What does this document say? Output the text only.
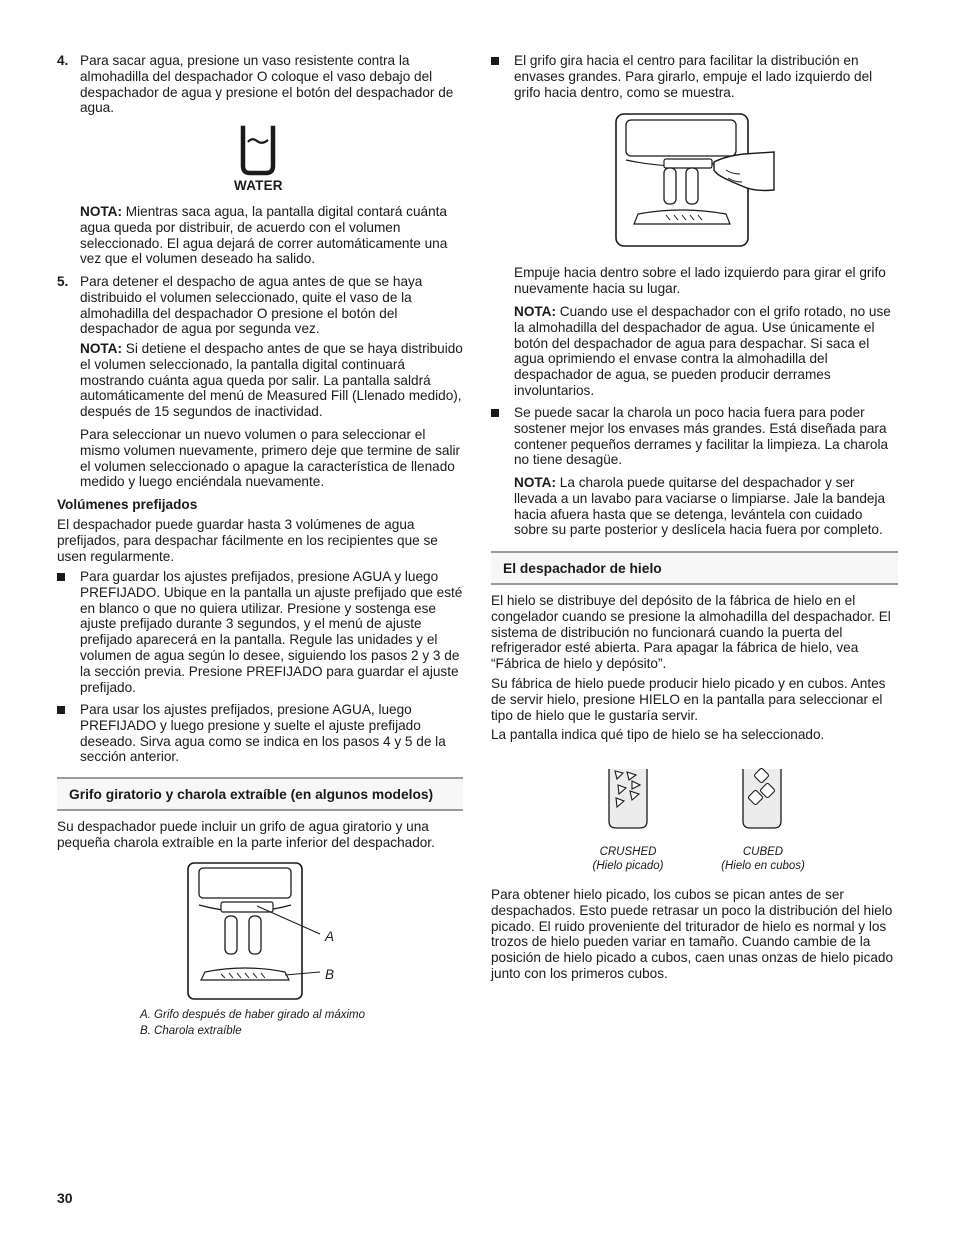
4. Para sacar agua, presione un vaso resistente contra la almohadilla del despachador O coloque el vaso debajo del despachador de agua y presione el botón del despachador de agua.

WATER

NOTA: Mientras saca agua, la pantalla digital contará cuánta agua queda por distribuir, de acuerdo con el volumen seleccionado. El agua dejará de correr automáticamente una vez que el volumen deseado ha salido.

5. Para detener el despacho de agua antes de que se haya distribuido el volumen seleccionado, quite el vaso de la almohadilla del despachador O presione el botón del despachador de agua por segunda vez.

NOTA: Si detiene el despacho antes de que se haya distribuido el volumen seleccionado, la pantalla digital continuará mostrando cuánta agua queda por salir. La pantalla saldrá automáticamente del menú de Measured Fill (Llenado medido), después de 15 segundos de inactividad.

Para seleccionar un nuevo volumen o para seleccionar el mismo volumen nuevamente, primero deje que termine de salir el volumen seleccionado o apague la característica de llenado medido y luego enciéndala nuevamente.

Volúmenes prefijados

El despachador puede guardar hasta 3 volúmenes de agua prefijados, para despachar fácilmente en los recipientes que se usen regularmente.

Para guardar los ajustes prefijados, presione AGUA y luego PREFIJADO. Ubique en la pantalla un ajuste prefijado que esté en blanco o que no quiera utilizar. Presione y sostenga ese ajuste prefijado durante 3 segundos, y el menú de ajuste prefijado aparecerá en la pantalla. Regule las unidades y el volumen de agua según lo desee, siguiendo los pasos 2 y 3 de la sección previa. Presione PREFIJADO para guardar el ajuste prefijado.

Para usar los ajustes prefijados, presione AGUA, luego PREFIJADO y luego presione y suelte el ajuste prefijado deseado. Sirva agua como se indica en los pasos 4 y 5 de la sección anterior.

Grifo giratorio y charola extraíble (en algunos modelos)

Su despachador puede incluir un grifo de agua giratorio y una pequeña charola extraíble en la parte inferior del despachador.

A
B
A. Grifo después de haber girado al máximo
B. Charola extraíble

El grifo gira hacia el centro para facilitar la distribución en envases grandes. Para girarlo, empuje el lado izquierdo del grifo hacia dentro, como se muestra.

Empuje hacia dentro sobre el lado izquierdo para girar el grifo nuevamente hacia su lugar.

NOTA: Cuando use el despachador con el grifo rotado, no use la almohadilla del despachador de agua. Use únicamente el botón del despachador de agua para despachar. Si saca el agua oprimiendo el envase contra la almohadilla del despachador de agua, se pueden producir derrames involuntarios.

Se puede sacar la charola un poco hacia fuera para poder sostener mejor los envases más grandes. Está diseñada para contener pequeños derrames y facilitar la limpieza. La charola no tiene desagüe.

NOTA: La charola puede quitarse del despachador y ser llevada a un lavabo para vaciarse o limpiarse. Jale la bandeja hacia afuera hasta que se detenga, levántela con cuidado sobre su parte posterior y deslícela hacia fuera por completo.

El despachador de hielo

El hielo se distribuye del depósito de la fábrica de hielo en el congelador cuando se presione la almohadilla del despachador. El sistema de distribución no funcionará cuando la puerta del refrigerador esté abierta. Para apagar la fábrica de hielo, vea “Fábrica de hielo y depósito”.

Su fábrica de hielo puede producir hielo picado y en cubos. Antes de servir hielo, presione HIELO en la pantalla para seleccionar el tipo de hielo que le gustaría servir.

La pantalla indica qué tipo de hielo se ha seleccionado.

CRUSHED
(Hielo picado)
CUBED
(Hielo en cubos)

Para obtener hielo picado, los cubos se pican antes de ser despachados. Esto puede retrasar un poco la distribución del hielo picado. El ruido proveniente del triturador de hielo es normal y los trozos de hielo pueden variar en tamaño. Cuando cambie de la posición de hielo picado a cubos, caen unas onzas de hielo picado junto con los primeros cubos.

30
